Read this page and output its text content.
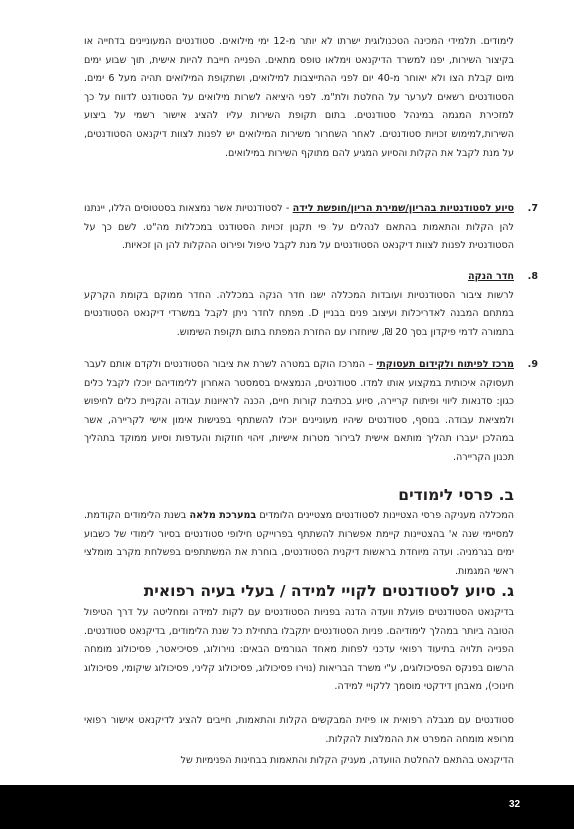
לימודים. תלמידי המכינה הטכנולוגית ישרתו לא יותר מ-12 ימי מילואים. סטודנטים המעוניינים בדחייה או בקיצור השירות, יפנו למשרד הדיקנאט וימלאו טופס מתאים. הפנייה חייבת להיות אישית, תוך שבוע ימים מיום קבלת הצו ולא יאוחר מ-40 יום לפני ההתייצבות למילואים, ושתקופת המילואים תהיה מעל 6 ימים. הסטודנטים רשאים לערער על החלטת ולת"מ. לפני היציאה לשרות מילואים על הסטודנט לדווח על כך למזכירת המגמה במינהל סטודנטים. בתום תקופת השירות עליו להציג אישור רשמי על ביצוע השירות,למימוש זכויות סטודנטים. לאחר השחרור משירות המילואים יש לפנות לצוות דיקנאט הסטודנטים, על מנת לקבל את הקלות והסיוע המגיע להם מתוקף השירות במילואים.

7.
סיוע לסטודנטיות בהריון/שמירת הריון/חופשת לידה - לסטודנטיות אשר נמצאות בסטטוסים הללו, יינתנו להן הקלות והתאמות בהתאם לנהלים על פי תקנון זכויות הסטודנט במכללות מה"ט. לשם כך על הסטודנטית לפנות לצוות דיקנאט הסטודנטים על מנת לקבל טיפול ופירוט ההקלות להן הן זכאיות.
8.
חדר הנקה
לרשות ציבור הסטודנטיות ועובדות המכללה ישנו חדר הנקה במכללה. החדר ממוקם בקומת הקרקע במתחם המבנה לאדריכלות ועיצוב פנים בבניין D. מפתח לחדר ניתן לקבל במשרדי דיקנאט הסטודנטים בתמורה לדמי פיקדון בסך 20 ₪, שיוחזרו עם החזרת המפתח בתום תקופת השימוש.
9.
מרכז לפיתוח ולקידום תעסוקתי – המרכז הוקם במטרה לשרת את ציבור הסטודנטים ולקדם אותם לעבר תעסוקה איכותית במקצוע אותו למדו. סטודנטים, הנמצאים בסמסטר האחרון ללימודיהם יוכלו לקבל כלים כגון: סדנאות ליווי ופיתוח קריירה, סיוע בכתיבת קורות חיים, הכנה לראיונות עבודה והקניית כלים לחיפוש ולמציאת עבודה. בנוסף, סטודנטים שיהיו מעוניינים יוכלו להשתתף בפגישות אימון אישי לקריירה, אשר במהלכן יעברו תהליך מותאם אישית לבירור מטרות אישיות, זיהוי חוזקות והעדפות וסיוע ממוקד בתהליך תכנון הקריירה.
ב. פרסי לימודים

המכללה מעניקה פרסי הצטיינות לסטודנטים מצטיינים הלומדים במערכת מלאה בשנת הלימודים הקודמת. למסיימי שנה א' בהצטיינות קיימת אפשרות להשתתף בפרוייקט חילופי סטודנטים בסיור לימודי של כשבוע ימים בגרמניה. ועדה מיוחדת בראשות דיקנית הסטודנטים, בוחרת את המשתתפים בפשלחת מקרב מומלצי ראשי המגמות.

ג. סיוע לסטודנטים לקויי למידה / בעלי בעיה רפואית

בדיקנאט הסטודנטים פועלת וועדה הדנה בפניות הסטודנטים עם לקות למידה ומחליטה על דרך הטיפול הטובה ביותר במהלך לימודיהם. פניות הסטודנטים יתקבלו בתחילת כל שנת הלימודים, בדיקנאט סטודנטים. הפנייה תלויה בתיעוד רפואי עדכני לפחות מאחד הגורמים הבאים: נוירולוג, פסיכיאטר, פסיכולוג מומחה הרשום בפנקס הפסיכולוגים, ע"י משרד הבריאות (נוירו פסיכולוג, פסיכולוג קליני, פסיכולוג שיקומי, פסיכולוג חינוכי), מאבחן דידקטי מוסמך ללקויי למידה.

סטודנטים עם מגבלה רפואית או פיזית המבקשים הקלות והתאמות, חייבים להציג לדיקנאט אישור רפואי מרופא מומחה המפרט את ההמלצות להקלות.

הדיקנאט בהתאם להחלטת הוועדה, מעניק הקלות והתאמות בבחינות הפנימיות של

32
